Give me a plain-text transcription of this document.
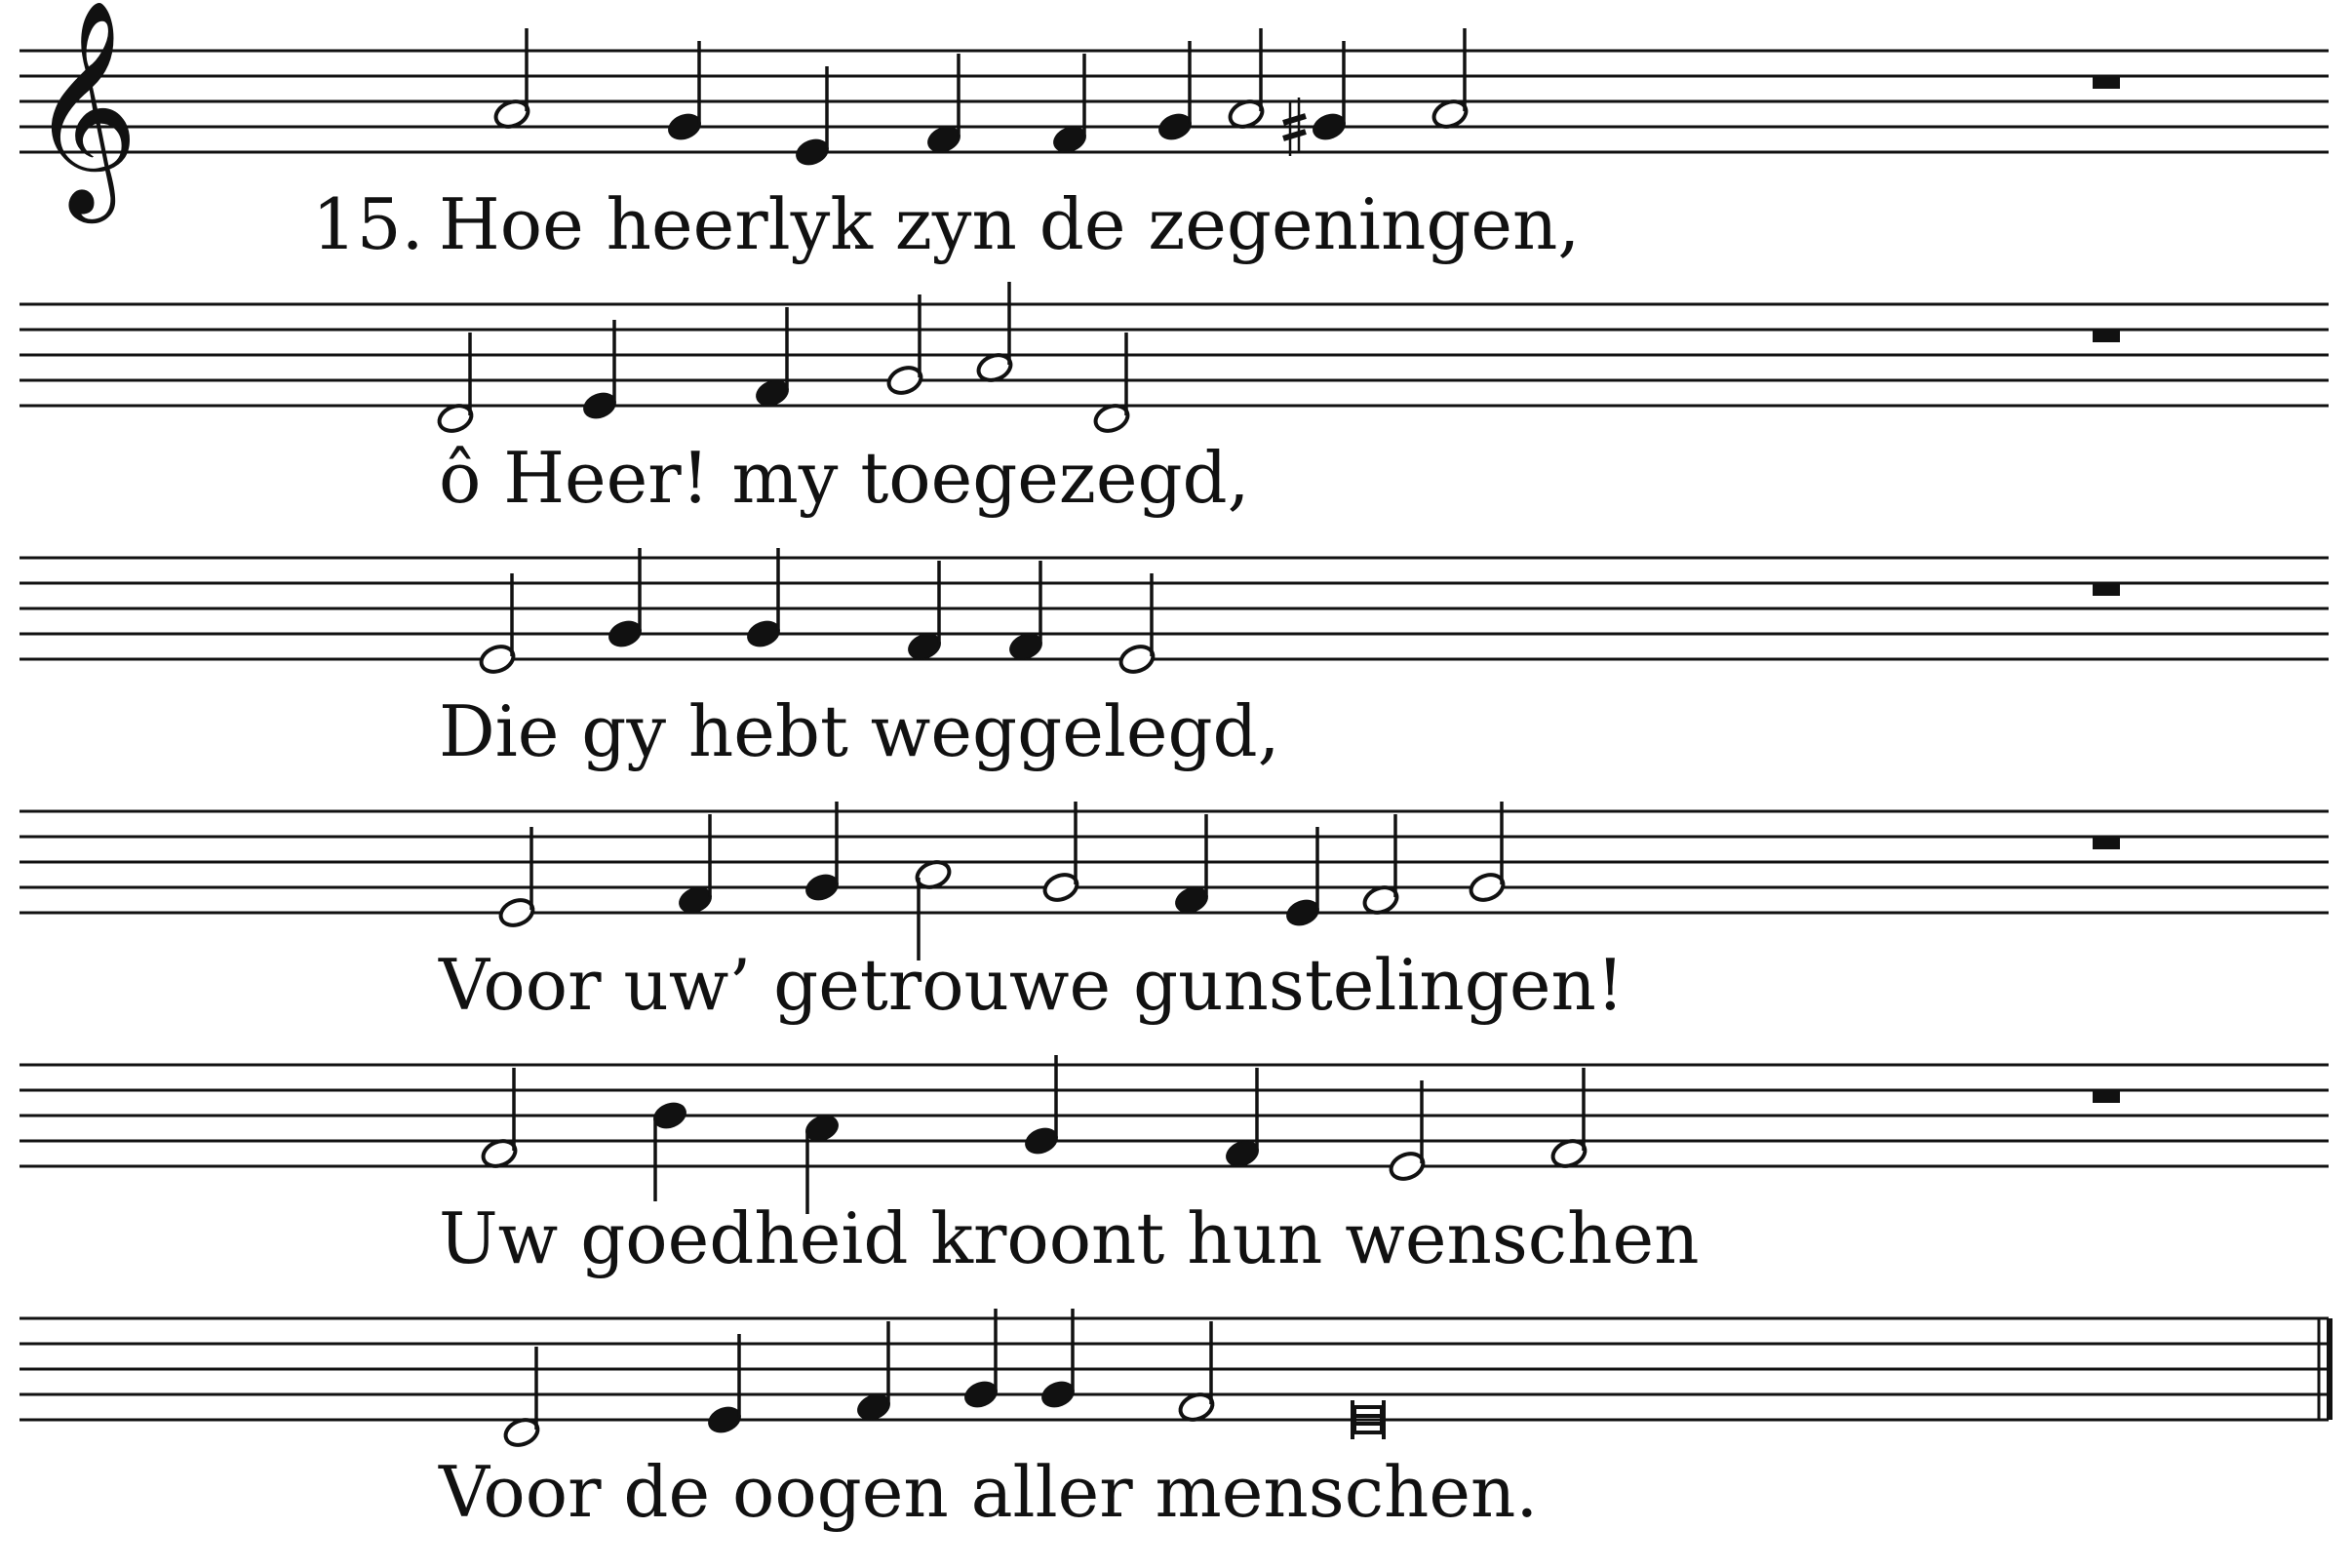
𝄞
15. Hoe heerlyk zyn de zegeningen,
ô Heer! my toegezegd,
Die gy hebt weggelegd,
Voor uw’ getrouwe gunstelingen!
Uw goedheid kroont hun wenschen
Voor de oogen aller menschen.
